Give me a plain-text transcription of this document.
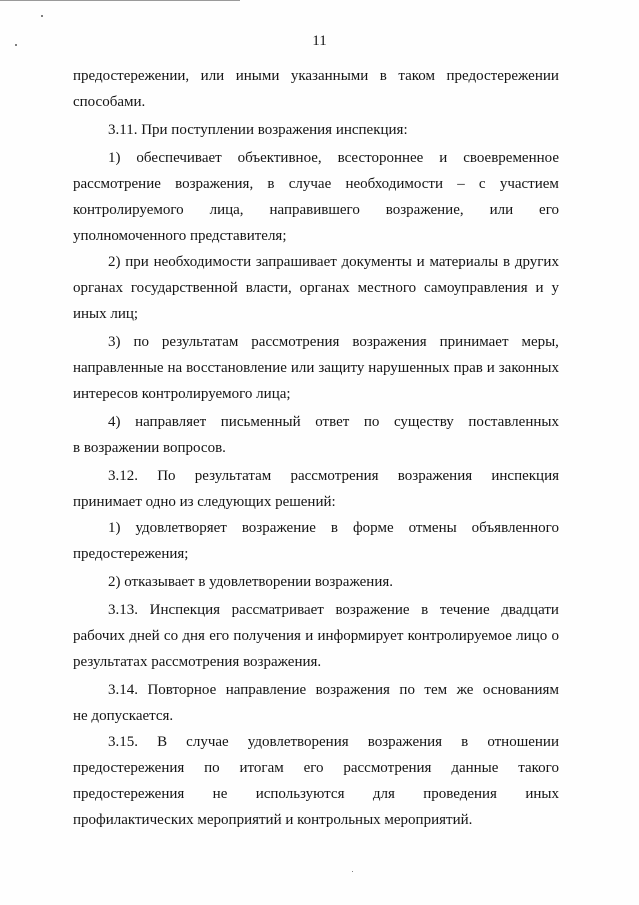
11
предостережении, или иными указанными в таком предостережении
способами.
3.11. При поступлении возражения инспекция:
1) обеспечивает объективное, всестороннее и своевременное
рассмотрение возражения, в случае необходимости – с участием
контролируемого лица, направившего возражение, или его
уполномоченного представителя;
2) при необходимости запрашивает документы и материалы в других
органах государственной власти, органах местного самоуправления и у
иных лиц;
3) по результатам рассмотрения возражения принимает меры,
направленные на восстановление или защиту нарушенных прав и законных
интересов контролируемого лица;
4) направляет письменный ответ по существу поставленных
в возражении вопросов.
3.12. По результатам рассмотрения возражения инспекция
принимает одно из следующих решений:
1) удовлетворяет возражение в форме отмены объявленного
предостережения;
2) отказывает в удовлетворении возражения.
3.13. Инспекция рассматривает возражение в течение двадцати
рабочих дней со дня его получения и информирует контролируемое лицо о
результатах рассмотрения возражения.
3.14. Повторное направление возражения по тем же основаниям
не допускается.
3.15. В случае удовлетворения возражения в отношении
предостережения по итогам его рассмотрения данные такого
предостережения не используются для проведения иных
профилактических мероприятий и контрольных мероприятий.
